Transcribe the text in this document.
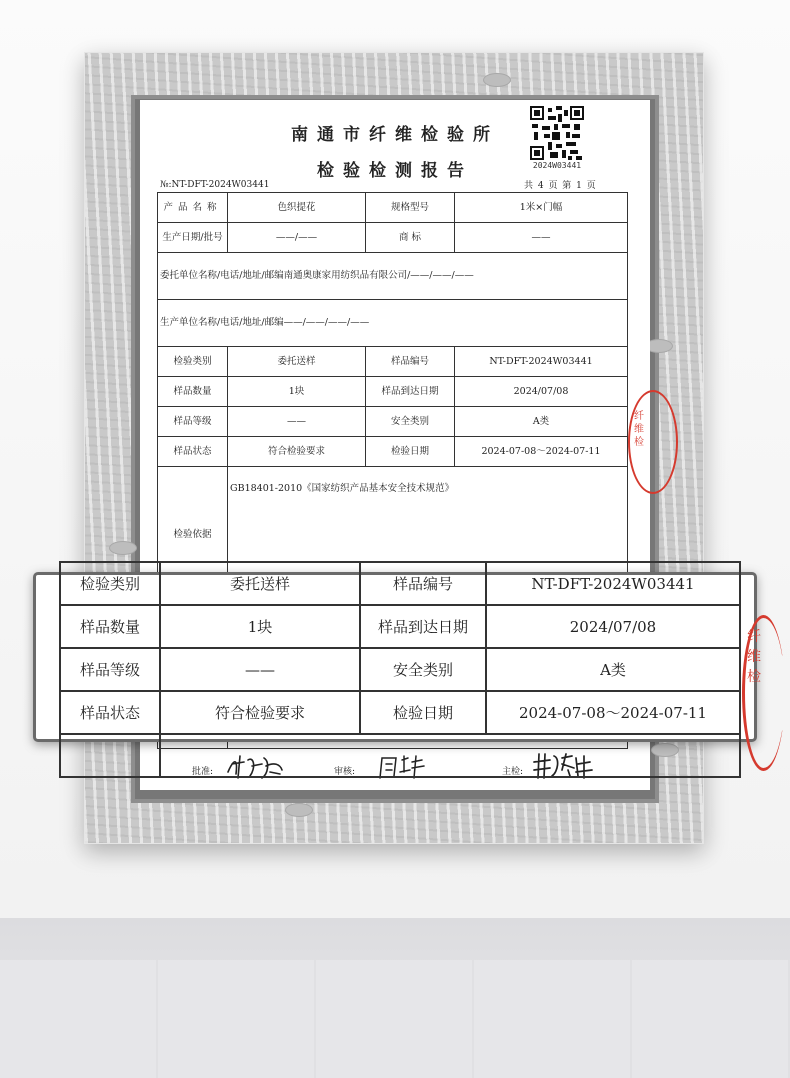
南通市纤维检验所
检验检测报告	2024W03441
№:NT-DFT-2024W03441	共 4 页 第 1 页
产品名称	色织提花	规格型号	1米×门幅
生产日期/批号	——/——	商 标	——
委托单位名称/电话/地址/邮编南通奥康家用纺织品有限公司/——/——/——			
生产单位名称/电话/地址/邮编——/——/——/——			
检验类别	委托送样	样品编号	NT-DFT-2024W03441
样品数量	1块	样品到达日期	2024/07/08
样品等级	——	安全类别	A类
样品状态	符合检验要求	检验日期	2024-07-08～2024-07-11
检验依据	GB18401-2010《国家纺织产品基本安全技术规范》		
纤维检
批准:	审核:	主检:
检验类别	委托送样	样品编号	NT-DFT-2024W03441
样品数量	1块	样品到达日期	2024/07/08
样品等级	——	安全类别	A类
样品状态	符合检验要求	检验日期	2024-07-08～2024-07-11

纤维检
